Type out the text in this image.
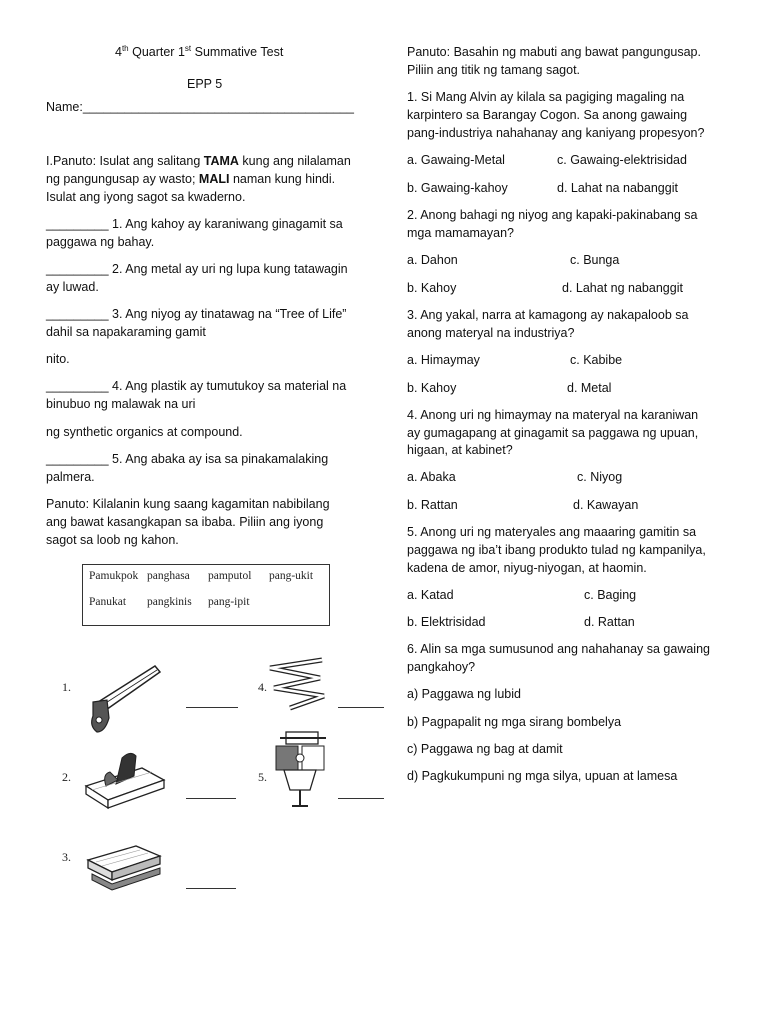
4th Quarter 1st Summative Test
EPP 5
Name:_______________________________________
I.Panuto: Isulat ang salitang TAMA kung ang nilalaman
ng pangungusap ay wasto; MALI naman kung hindi.
Isulat ang iyong sagot sa kwaderno.
_________ 1. Ang kahoy ay karaniwang ginagamit sa
paggawa ng bahay.
_________ 2. Ang metal ay uri ng lupa kung tatawagin
ay luwad.
_________ 3. Ang niyog ay tinatawag na “Tree of Life”
dahil sa napakaraming gamit
nito.
_________ 4. Ang plastik ay tumutukoy sa material na
binubuo ng malawak na uri
ng synthetic organics at compound.
_________ 5. Ang abaka ay isa sa pinakamalaking
palmera.
Panuto: Kilalanin kung saang kagamitan nabibilang
ang bawat kasangkapan sa ibaba. Piliin ang iyong
sagot sa loob ng kahon.
Pamukpok panghasa pamputol pang-ukit
Panukat pangkinis pang-ipit
1.	4.
2.	5.
3.
Panuto: Basahin ng mabuti ang bawat pangungusap.
Piliin ang titik ng tamang sagot.
1. Si Mang Alvin ay kilala sa pagiging magaling na
karpintero sa Barangay Cogon. Sa anong gawaing
pang-industriya nahahanay ang kaniyang propesyon?
a. Gawaing-Metal	c. Gawaing-elektrisidad
b. Gawaing-kahoy	d. Lahat na nabanggit
2. Anong bahagi ng niyog ang kapaki-pakinabang sa
mga mamamayan?
a. Dahon	c. Bunga
b. Kahoy	d. Lahat ng nabanggit
3. Ang yakal, narra at kamagong ay nakapaloob sa
anong materyal na industriya?
a. Himaymay	c. Kabibe
b. Kahoy	d. Metal
4. Anong uri ng himaymay na materyal na karaniwan
ay gumagapang at ginagamit sa paggawa ng upuan,
higaan, at kabinet?
a. Abaka	c. Niyog
b. Rattan	d. Kawayan
5. Anong uri ng materyales ang maaaring gamitin sa
paggawa ng iba’t ibang produkto tulad ng kampanilya,
kadena de amor, niyug-niyogan, at haomin.
a. Katad	c. Baging
b. Elektrisidad	d. Rattan
6. Alin sa mga sumusunod ang nahahanay sa gawaing
pangkahoy?
a) Paggawa ng lubid
b) Pagpapalit ng mga sirang bombelya
c) Paggawa ng bag at damit
d) Pagkukumpuni ng mga silya, upuan at lamesa
